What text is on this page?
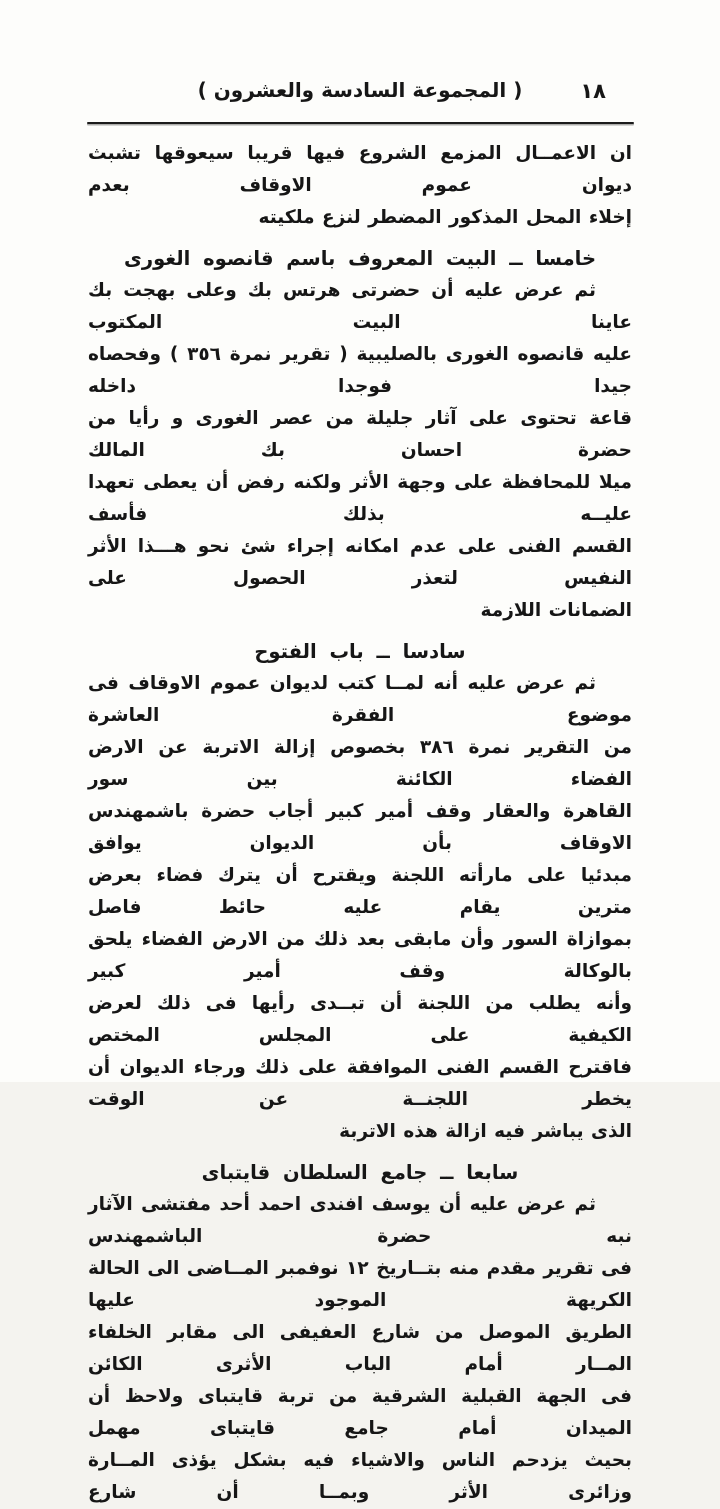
( المجموعة السادسة والعشرون )	١٨
ان الاعمــال المزمع الشروع فيها قريبا سيعوقها تشبث ديوان عموم الاوقاف بعدم
إخلاء المحل المذكور المضطر لنزع ملكيته
خامسا ــ البيت المعروف باسم قانصوه الغورى
ثم عرض عليه أن حضرتى هرتس بك وعلى بهجت بك عاينا البيت المكتوب
عليه قانصوه الغورى بالصليبية ( تقرير نمرة ٣٥٦ ) وفحصاه جيدا فوجدا داخله
قاعة تحتوى على آثار جليلة من عصر الغورى و رأيا من حضرة احسان بك المالك
ميلا للمحافظة على وجهة الأثر ولكنه رفض أن يعطى تعهدا عليــه بذلك فأسف
القسم الفنى على عدم امكانه إجراء شئ نحو هـــذا الأثر النفيس لتعذر الحصول على
الضمانات اللازمة
سادسا ــ باب الفتوح
ثم عرض عليه أنه لمــا كتب لديوان عموم الاوقاف فى موضوع الفقرة العاشرة
من التقرير نمرة ٣٨٦ بخصوص إزالة الاتربة عن الارض الفضاء الكائنة بين سور
القاهرة والعقار وقف أمير كبير أجاب حضرة باشمهندس الاوقاف بأن الديوان يوافق
مبدئيا على مارأته اللجنة ويقترح أن يترك فضاء بعرض مترين يقام عليه حائط فاصل
بموازاة السور وأن مابقى بعد ذلك من الارض الفضاء يلحق بالوكالة وقف أمير كبير
وأنه يطلب من اللجنة أن تبــدى رأيها فى ذلك لعرض الكيفية على المجلس المختص
فاقترح القسم الفنى الموافقة على ذلك ورجاء الديوان أن يخطر اللجنــة عن الوقت
الذى يباشر فيه ازالة هذه الاتربة
سابعا ــ جامع السلطان قايتباى
ثم عرض عليه أن يوسف افندى احمد أحد مفتشى الآثار نبه حضرة الباشمهندس
فى تقرير مقدم منه بتــاريخ ١٢ نوفمبر المــاضى الى الحالة الكريهة الموجود عليها
الطريق الموصل من شارع العفيفى الى مقابر الخلفاء المــار أمام الباب الأثرى الكائن
فى الجهة القبلية الشرقية من تربة قايتباى ولاحظ أن الميدان أمام جامع قايتباى مهمل
بحيث يزدحم الناس والاشياء فيه بشكل يؤذى المــارة وزائرى الأثر وبمــا أن شارع
